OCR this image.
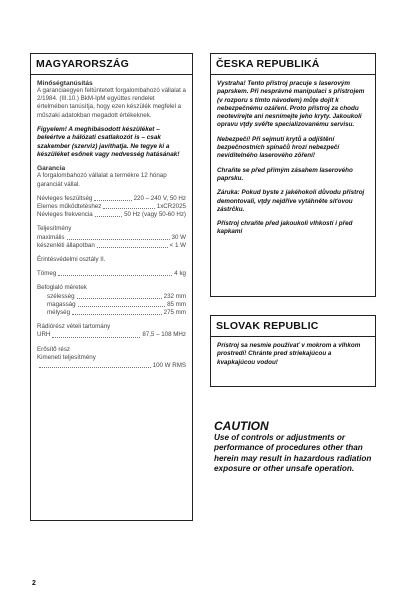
MAGYARORSZÁG

Minőségtanúsítás

A garanciaegyen feltüntetett forgalombahozó vállalat a 2/1984. (III.10.) BkM-IpM együttes rendelet értelmében tanúsítja, hogy ezen készülék megfelel a műszaki adatokban megadott értékeknek.

Figyelem! A meghibásodott készüléket – beleértve a hálózati csatlakozót is – csak szakember (szerviz) javíthatja. Ne tegye ki a készüléket esőnek vagy nedvesség hatásának!

Garancia

A forgalombahozó vállalat a termékre 12 hónap garanciát vállal.

Névleges feszültség	220 – 240 V, 50 Hz
Elemes működtetéshez	1xCR2025
Névleges frekvencia	50 Hz (vagy 50-60 Hz)

Teljesítmény

maximális	30 W
készenléti állapotban	< 1 W

Érintésvédelmi osztály II.

Tömeg	4 kg

Befoglaló méretek

szélesség	232 mm
magasság	85 mm
mélység	275 mm

Rádiórész vételi tartomány

URH	87,5 – 108 MHz

Erősítő rész

Kimeneti teljesítmény

100 W RMS
ČESKA REPUBLIKÁ

Vystraha! Tento přístroj pracuje s laserovým paprskem. Při nesprávné manipulaci s přístrojem (v rozporu s tímto návodem) můţe dojít k nebezpečnému ozáření. Proto přístroj za chodu neotevírejte ani nesnímejte jeho kryty. Jakoukoli opravu vţdy svěřte specializovanému servisu.

Nebezpečí! Při sejmutí krytů a odjištění bezpečnostních spínačů hrozí nebezpečí neviditelného laserového zǒření!

Chraňte se před přímým zásahem laserového paprsku.

Záruka: Pokud byste z jakéhokoli důvodu přístroj demontovali, vţdy nejdříve vytáhněte síťovou zástrčku.

Přístroj chraňte před jakoukoli vlhkostí i před kapkami

SLOVAK REPUBLIC

Prístroj sa nesmie používať v mokrom a vlhkom prostredí! Chránte pred striekajúcou a kvapkajúcou vodou!

CAUTION
Use of controls or adjustments or performance of procedures other than herein may result in hazardous radiation exposure or other unsafe operation.
2
